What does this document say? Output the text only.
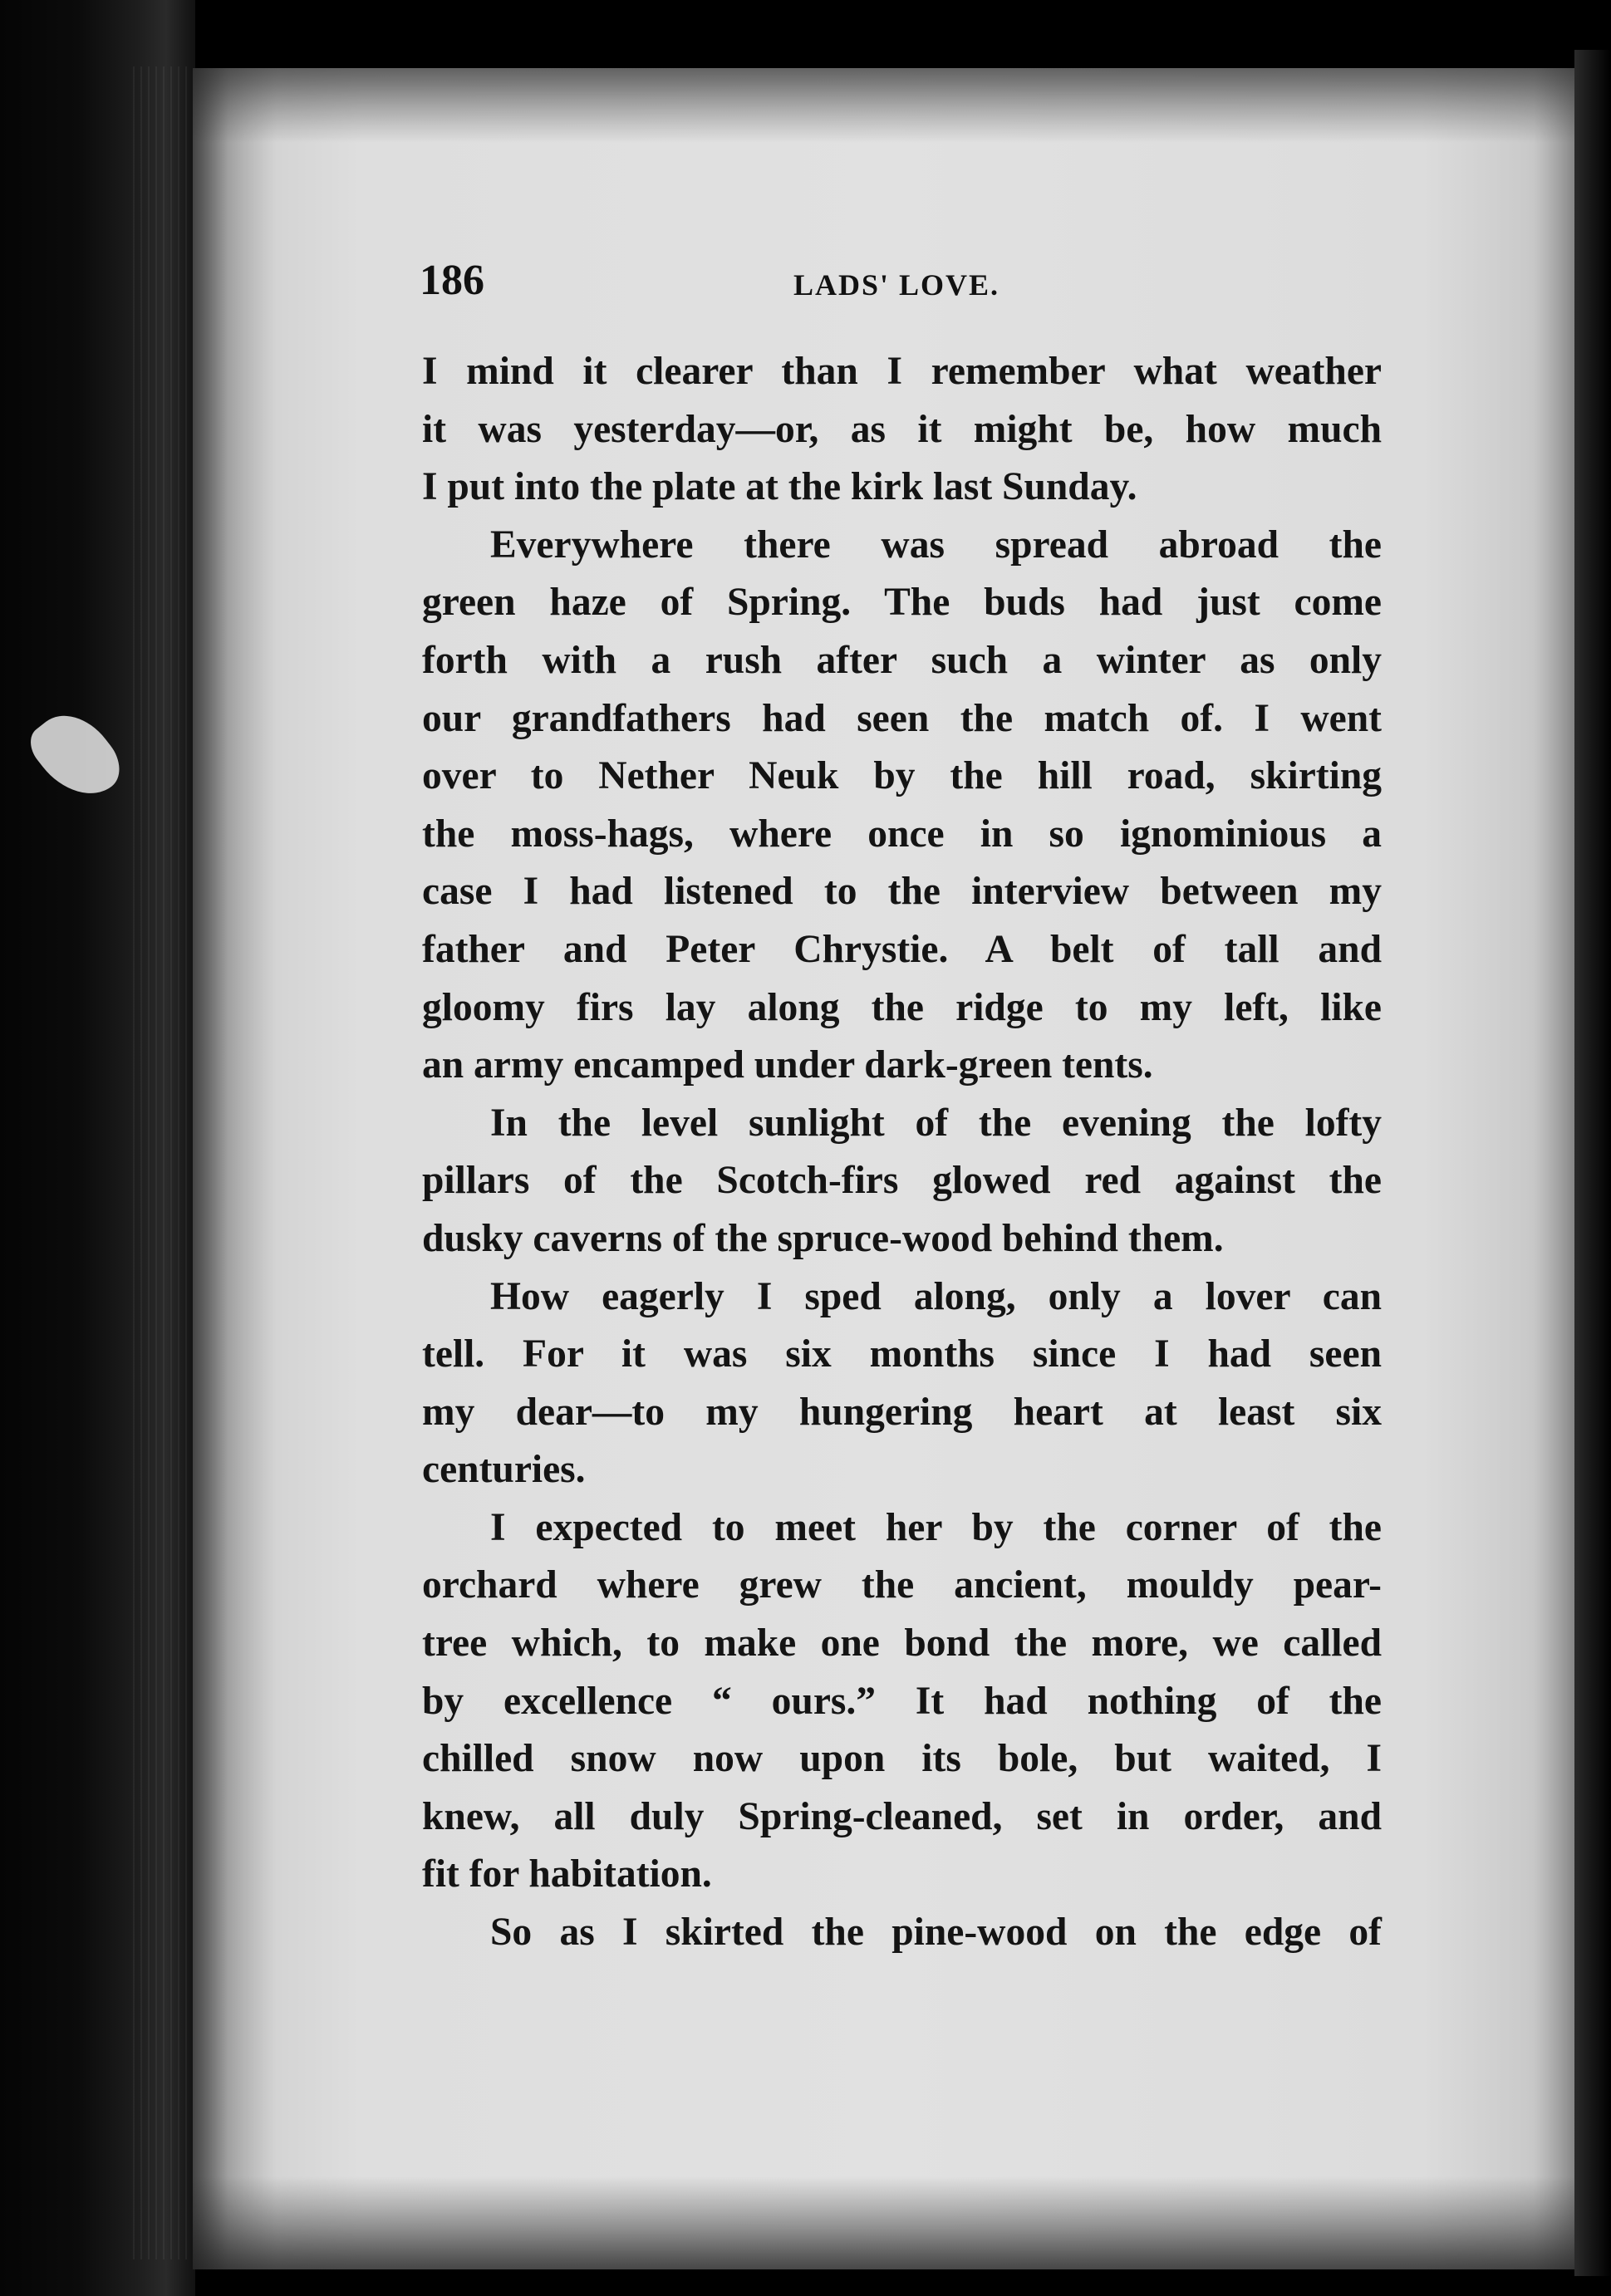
186	LADS' LOVE.
I mind it clearer than I remember what weather
it was yesterday—or, as it might be, how much
I put into the plate at the kirk last Sunday.
Everywhere there was spread abroad the
green haze of Spring. The buds had just come
forth with a rush after such a winter as only
our grandfathers had seen the match of. I went
over to Nether Neuk by the hill road, skirting
the moss-hags, where once in so ignominious a
case I had listened to the interview between my
father and Peter Chrystie. A belt of tall and
gloomy firs lay along the ridge to my left, like
an army encamped under dark-green tents.
In the level sunlight of the evening the lofty
pillars of the Scotch-firs glowed red against the
dusky caverns of the spruce-wood behind them.
How eagerly I sped along, only a lover can
tell. For it was six months since I had seen
my dear—to my hungering heart at least six
centuries.
I expected to meet her by the corner of the
orchard where grew the ancient, mouldy pear-
tree which, to make one bond the more, we called
by excellence “ ours.” It had nothing of the
chilled snow now upon its bole, but waited, I
knew, all duly Spring-cleaned, set in order, and
fit for habitation.
So as I skirted the pine-wood on the edge of
